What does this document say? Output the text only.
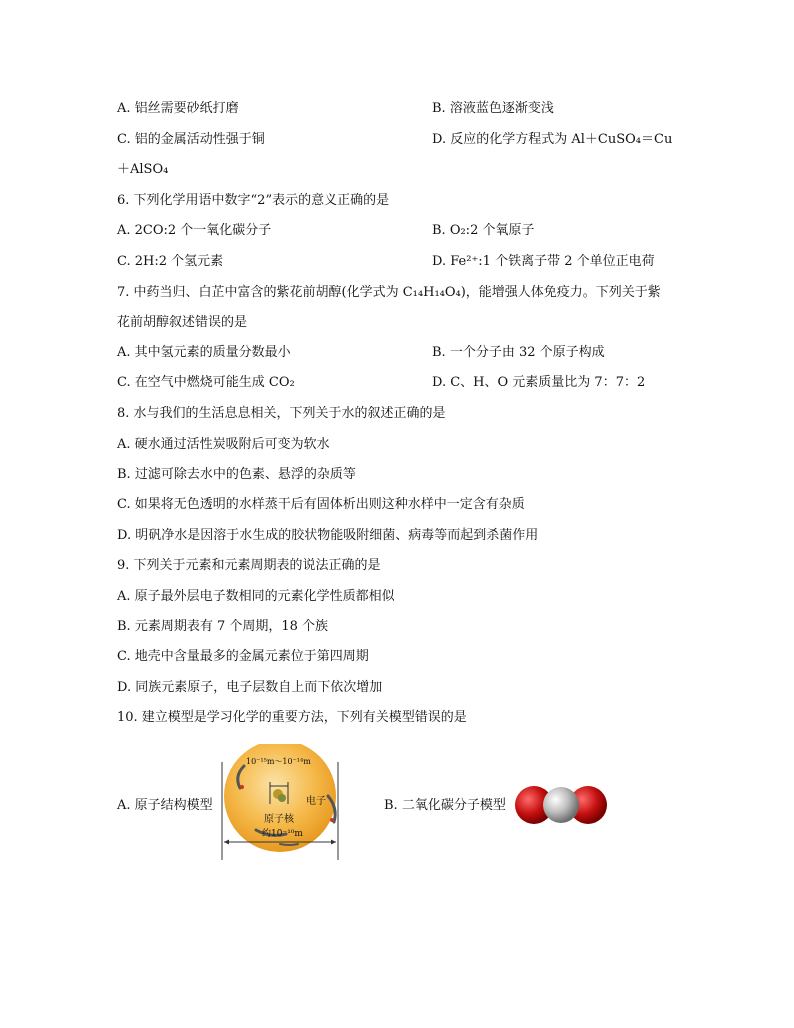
A. 铝丝需要砂纸打磨	B. 溶液蓝色逐渐变浅
C. 铝的金属活动性强于铜	D. 反应的化学方程式为 Al＋CuSO₄＝Cu
＋AlSO₄
6. 下列化学用语中数字“2”表示的意义正确的是
A. 2CO:2 个一氧化碳分子	B. O₂:2 个氧原子
C. 2H:2 个氢元素	D. Fe²⁺:1 个铁离子带 2 个单位正电荷
7. 中药当归、白芷中富含的紫花前胡醇(化学式为 C₁₄H₁₄O₄)，能增强人体免疫力。下列关于紫
花前胡醇叙述错误的是
A. 其中氢元素的质量分数最小	B. 一个分子由 32 个原子构成
C. 在空气中燃烧可能生成 CO₂	D. C、H、O 元素质量比为 7：7：2
8. 水与我们的生活息息相关，下列关于水的叙述正确的是
A. 硬水通过活性炭吸附后可变为软水
B. 过滤可除去水中的色素、悬浮的杂质等
C. 如果将无色透明的水样蒸干后有固体析出则这种水样中一定含有杂质
D. 明矾净水是因溶于水生成的胶状物能吸附细菌、病毒等而起到杀菌作用
9. 下列关于元素和元素周期表的说法正确的是
A. 原子最外层电子数相同的元素化学性质都相似
B. 元素周期表有 7 个周期，18 个族
C. 地壳中含量最多的金属元素位于第四周期
D. 同族元素原子，电子层数自上而下依次增加
10. 建立模型是学习化学的重要方法，下列有关模型错误的是
A. 原子结构模型
10⁻¹⁵m～10⁻¹⁴m
电子
原子核
约10⁻¹⁰m
B. 二氧化碳分子模型
